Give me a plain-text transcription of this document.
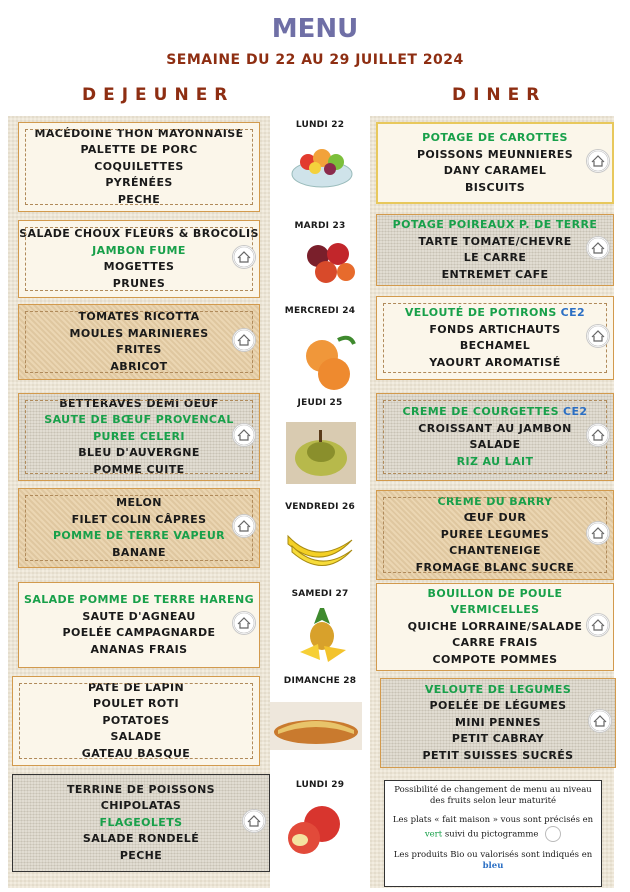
MENU
SEMAINE DU 22 AU 29 JUILLET 2024
DEJEUNER	DINER
MACÉDOINE THON MAYONNAISE
PALETTE DE PORC
COQUILETTES
PYRÉNÉES
PECHE
SALADE CHOUX FLEURS & BROCOLIS
JAMBON FUME
MOGETTES
PRUNES
TOMATES RICOTTA
MOULES MARINIERES
FRITES
ABRICOT
BETTERAVES DEMI OEUF
SAUTE DE BŒUF PROVENCAL
PUREE CELERI
BLEU D'AUVERGNE
POMME CUITE
MELON
FILET COLIN CÂPRES
POMME DE TERRE VAPEUR
BANANE
SALADE POMME DE TERRE HARENG
SAUTE D'AGNEAU
POELÉE CAMPAGNARDE
ANANAS FRAIS
PATE DE LAPIN
POULET ROTI
POTATOES
SALADE
GATEAU BASQUE
TERRINE DE POISSONS
CHIPOLATAS
FLAGEOLETS
SALADE RONDELÉ
PECHE
POTAGE DE CAROTTES
POISSONS MEUNNIERES
DANY CARAMEL
BISCUITS
POTAGE POIREAUX P. DE TERRE
TARTE TOMATE/CHEVRE
LE CARRE
ENTREMET CAFE
VELOUTÉ DE POTIRONS CE2
FONDS ARTICHAUTS
BECHAMEL
YAOURT AROMATISÉ
CREME DE COURGETTES CE2
CROISSANT AU JAMBON
SALADE
RIZ AU LAIT
CREME DU BARRY
ŒUF DUR
PUREE LEGUMES
CHANTENEIGE
FROMAGE BLANC SUCRE
BOUILLON DE POULE
VERMICELLES
QUICHE LORRAINE/SALADE
CARRE FRAIS
COMPOTE POMMES
VELOUTE DE LEGUMES
POELÉE DE LÉGUMES
MINI PENNES
PETIT CABRAY
PETIT SUISSES SUCRÉS
LUNDI 22
MARDI 23
MERCREDI 24
JEUDI 25
VENDREDI 26
SAMEDI 27
DIMANCHE 28
LUNDI 29	Possibilité de changement de menu au niveau des fruits selon leur maturité

Les plats « fait maison » vous sont précisés en
vert suivi du pictogramme

Les produits Bio ou valorisés sont indiqués en
bleu
